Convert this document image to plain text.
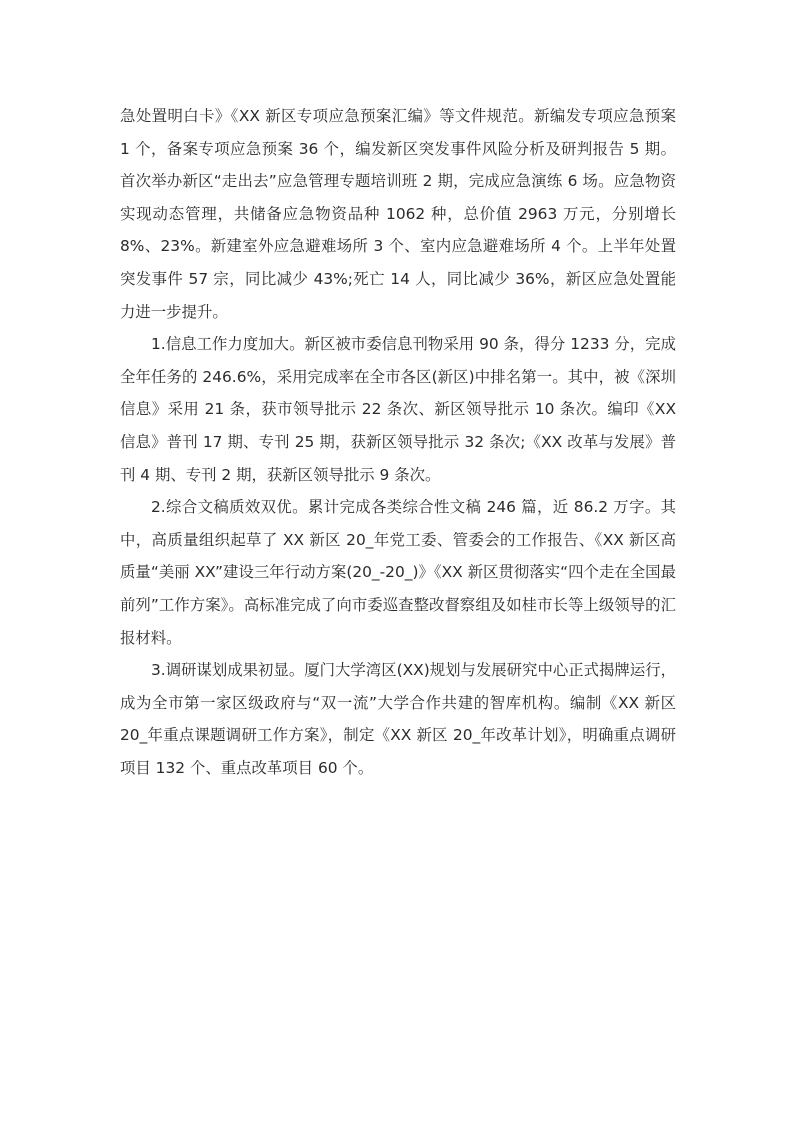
急处置明白卡》《XX 新区专项应急预案汇编》等文件规范。新编发专项应急预案 1 个，备案专项应急预案 36 个，编发新区突发事件风险分析及研判报告 5 期。首次举办新区“走出去”应急管理专题培训班 2 期，完成应急演练 6 场。应急物资实现动态管理，共储备应急物资品种 1062 种，总价值 2963 万元，分别增长 8%、23%。新建室外应急避难场所 3 个、室内应急避难场所 4 个。上半年处置突发事件 57 宗，同比减少 43%;死亡 14 人，同比减少 36%，新区应急处置能力进一步提升。

1.信息工作力度加大。新区被市委信息刊物采用 90 条，得分 1233 分，完成全年任务的 246.6%，采用完成率在全市各区(新区)中排名第一。其中，被《深圳信息》采用 21 条，获市领导批示 22 条次、新区领导批示 10 条次。编印《XX 信息》普刊 17 期、专刊 25 期，获新区领导批示 32 条次;《XX 改革与发展》普刊 4 期、专刊 2 期，获新区领导批示 9 条次。

2.综合文稿质效双优。累计完成各类综合性文稿 246 篇，近 86.2 万字。其中，高质量组织起草了 XX 新区 20_年党工委、管委会的工作报告、《XX 新区高质量“美丽 XX”建设三年行动方案(20_-20_)》《XX 新区贯彻落实“四个走在全国最前列”工作方案》。高标准完成了向市委巡查整改督察组及如桂市长等上级领导的汇报材料。

3.调研谋划成果初显。厦门大学湾区(XX)规划与发展研究中心正式揭牌运行，成为全市第一家区级政府与“双一流”大学合作共建的智库机构。编制《XX 新区 20_年重点课题调研工作方案》，制定《XX 新区 20_年改革计划》，明确重点调研项目 132 个、重点改革项目 60 个。
